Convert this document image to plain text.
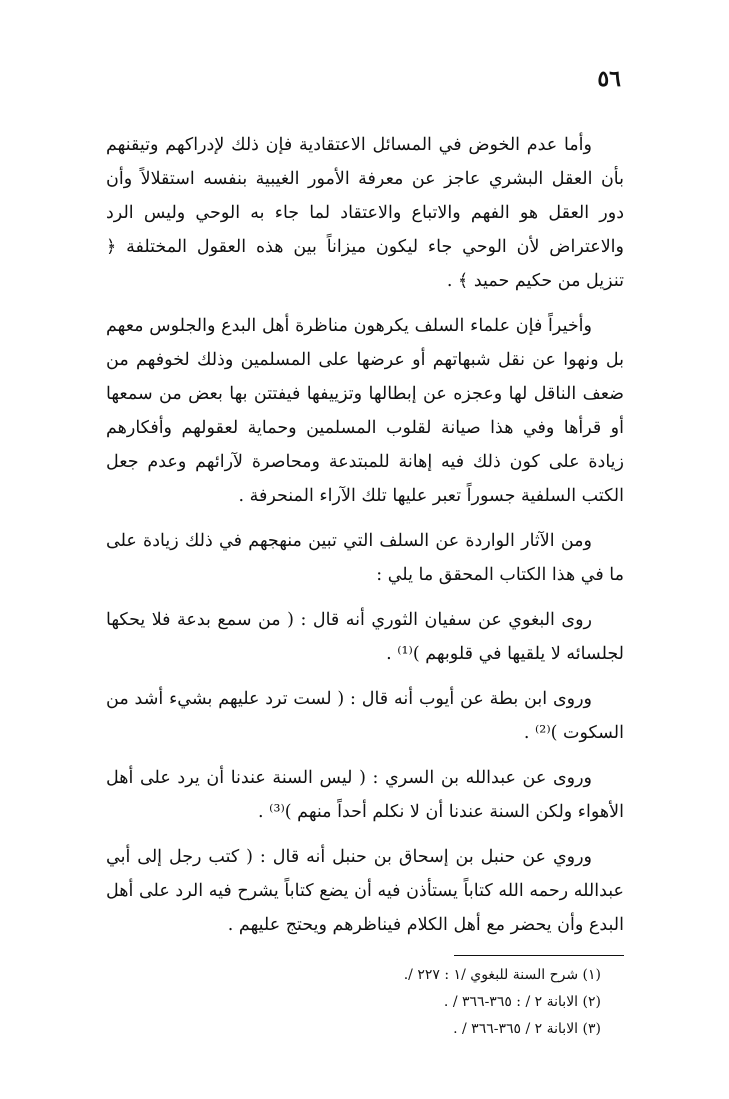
٥٦

وأما عدم الخوض في المسائل الاعتقادية فإن ذلك لإدراكهم وتيقنهم بأن العقل البشري عاجز عن معرفة الأمور الغيبية بنفسه استقلالاً وأن دور العقل هو الفهم والاتباع والاعتقاد لما جاء به الوحي وليس الرد والاعتراض لأن الوحي جاء ليكون ميزاناً بين هذه العقول المختلفة ﴿ تنزيل من حكيم حميد ﴾ .

وأخيراً فإن علماء السلف يكرهون مناظرة أهل البدع والجلوس معهم بل ونهوا عن نقل شبهاتهم أو عرضها على المسلمين وذلك لخوفهم من ضعف الناقل لها وعجزه عن إبطالها وتزييفها فيفتتن بها بعض من سمعها أو قرأها وفي هذا صيانة لقلوب المسلمين وحماية لعقولهم وأفكارهم زيادة على كون ذلك فيه إهانة للمبتدعة ومحاصرة لآرائهم وعدم جعل الكتب السلفية جسوراً تعبر عليها تلك الآراء المنحرفة .

ومن الآثار الواردة عن السلف التي تبين منهجهم في ذلك زيادة على ما في هذا الكتاب المحقق ما يلي :

روى البغوي عن سفيان الثوري أنه قال : ( من سمع بدعة فلا يحكها لجلسائه لا يلقيها في قلوبهم )⁽¹⁾ .

وروى ابن بطة عن أيوب أنه قال : ( لست ترد عليهم بشيء أشد من السكوت )⁽²⁾ .

وروى عن عبدالله بن السري : ( ليس السنة عندنا أن يرد على أهل الأهواء ولكن السنة عندنا أن لا نكلم أحداً منهم )⁽³⁾ .

وروي عن حنبل بن إسحاق بن حنبل أنه قال : ( كتب رجل إلى أبي عبدالله رحمه الله كتاباً يستأذن فيه أن يضع كتاباً يشرح فيه الرد على أهل البدع وأن يحضر مع أهل الكلام فيناظرهم ويحتج عليهم .

(١) شرح السنة للبغوي /١ : ٢٢٧ /.
(٢) الابانة ٢ / : ٣٦٥-٣٦٦ / .
(٣) الابانة ٢ / ٣٦٥-٣٦٦ / .
